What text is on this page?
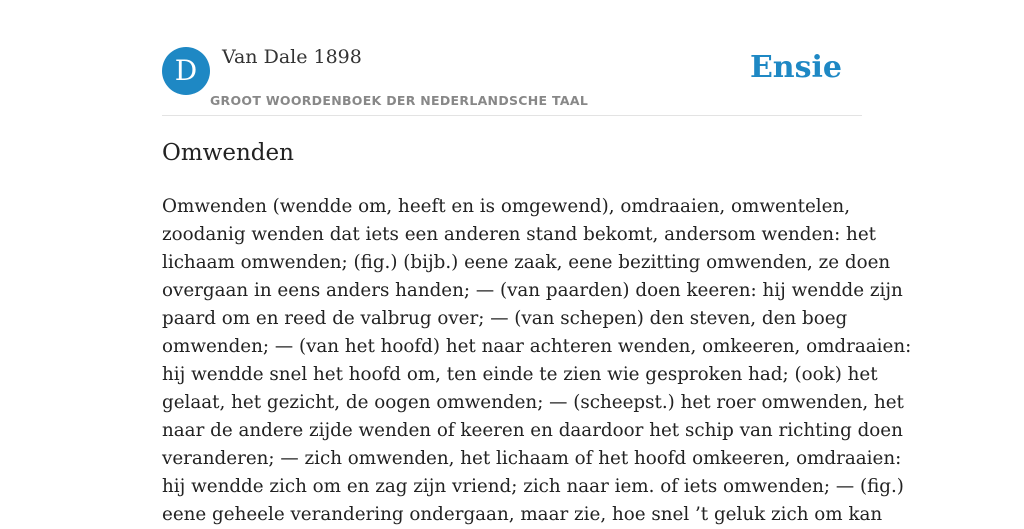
D	Van Dale 1898
GROOT WOORDENBOEK DER NEDERLANDSCHE TAAL
Ensie
Omwenden

Omwenden (wendde om, heeft en is omgewend), omdraaien, omwentelen,
zoodanig wenden dat iets een anderen stand bekomt, andersom wenden: het
lichaam omwenden; (fig.) (bijb.) eene zaak, eene bezitting omwenden, ze doen
overgaan in eens anders handen; — (van paarden) doen keeren: hij wendde zijn
paard om en reed de valbrug over; — (van schepen) den steven, den boeg
omwenden; — (van het hoofd) het naar achteren wenden, omkeeren, omdraaien:
hij wendde snel het hoofd om, ten einde te zien wie gesproken had; (ook) het
gelaat, het gezicht, de oogen omwenden; — (scheepst.) het roer omwenden, het
naar de andere zijde wenden of keeren en daardoor het schip van richting doen
veranderen; — zich omwenden, het lichaam of het hoofd omkeeren, omdraaien:
hij wendde zich om en zag zijn vriend; zich naar iem. of iets omwenden; — (fig.)
eene geheele verandering ondergaan, maar zie, hoe snel ’t geluk zich om kan
